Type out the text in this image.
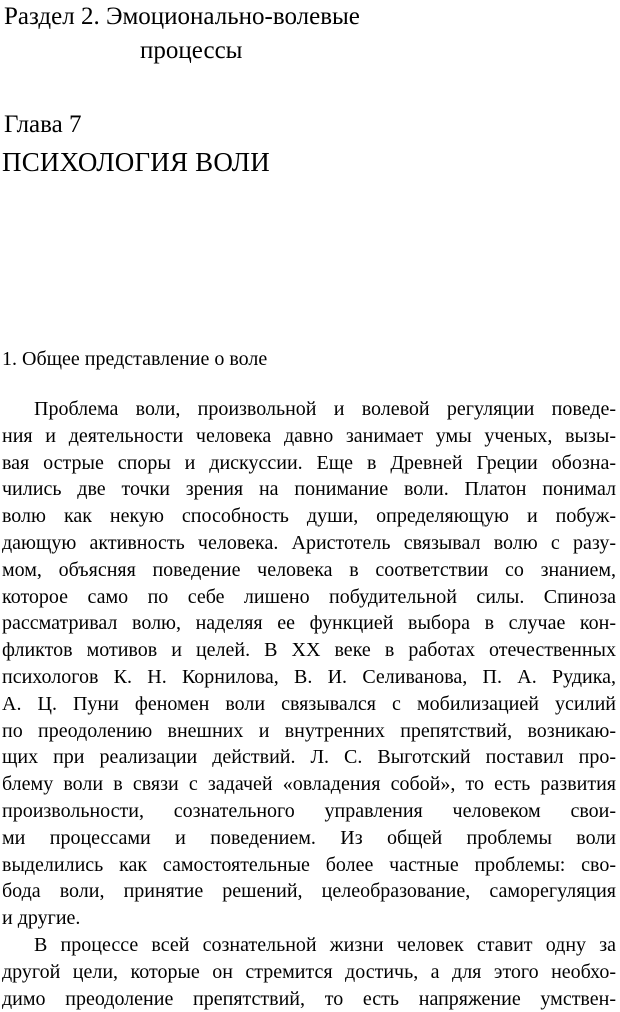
Раздел 2. Эмоционально-волевые
процессы
Глава 7
ПСИХОЛОГИЯ ВОЛИ
1. Общее представление о воле
Проблема воли, произвольной и волевой регуляции поведе-
ния и деятельности человека давно занимает умы ученых, вызы-
вая острые споры и дискуссии. Еще в Древней Греции обозна-
чились две точки зрения на понимание воли. Платон понимал
волю как некую способность души, определяющую и побуж-
дающую активность человека. Аристотель связывал волю с разу-
мом, объясняя поведение человека в соответствии со знанием,
которое само по себе лишено побудительной силы. Спиноза
рассматривал волю, наделяя ее функцией выбора в случае кон-
фликтов мотивов и целей. В XX веке в работах отечественных
психологов К. Н. Корнилова, В. И. Селиванова, П. А. Рудика,
А. Ц. Пуни феномен воли связывался с мобилизацией усилий
по преодолению внешних и внутренних препятствий, возникаю-
щих при реализации действий. Л. С. Выготский поставил про-
блему воли в связи с задачей «овладения собой», то есть развития
произвольности, сознательного управления человеком свои-
ми процессами и поведением. Из общей проблемы воли
выделились как самостоятельные более частные проблемы: сво-
бода воли, принятие решений, целеобразование, саморегуляция
и другие.
В процессе всей сознательной жизни человек ставит одну за
другой цели, которые он стремится достичь, а для этого необхо-
димо преодоление препятствий, то есть напряжение умствен-
